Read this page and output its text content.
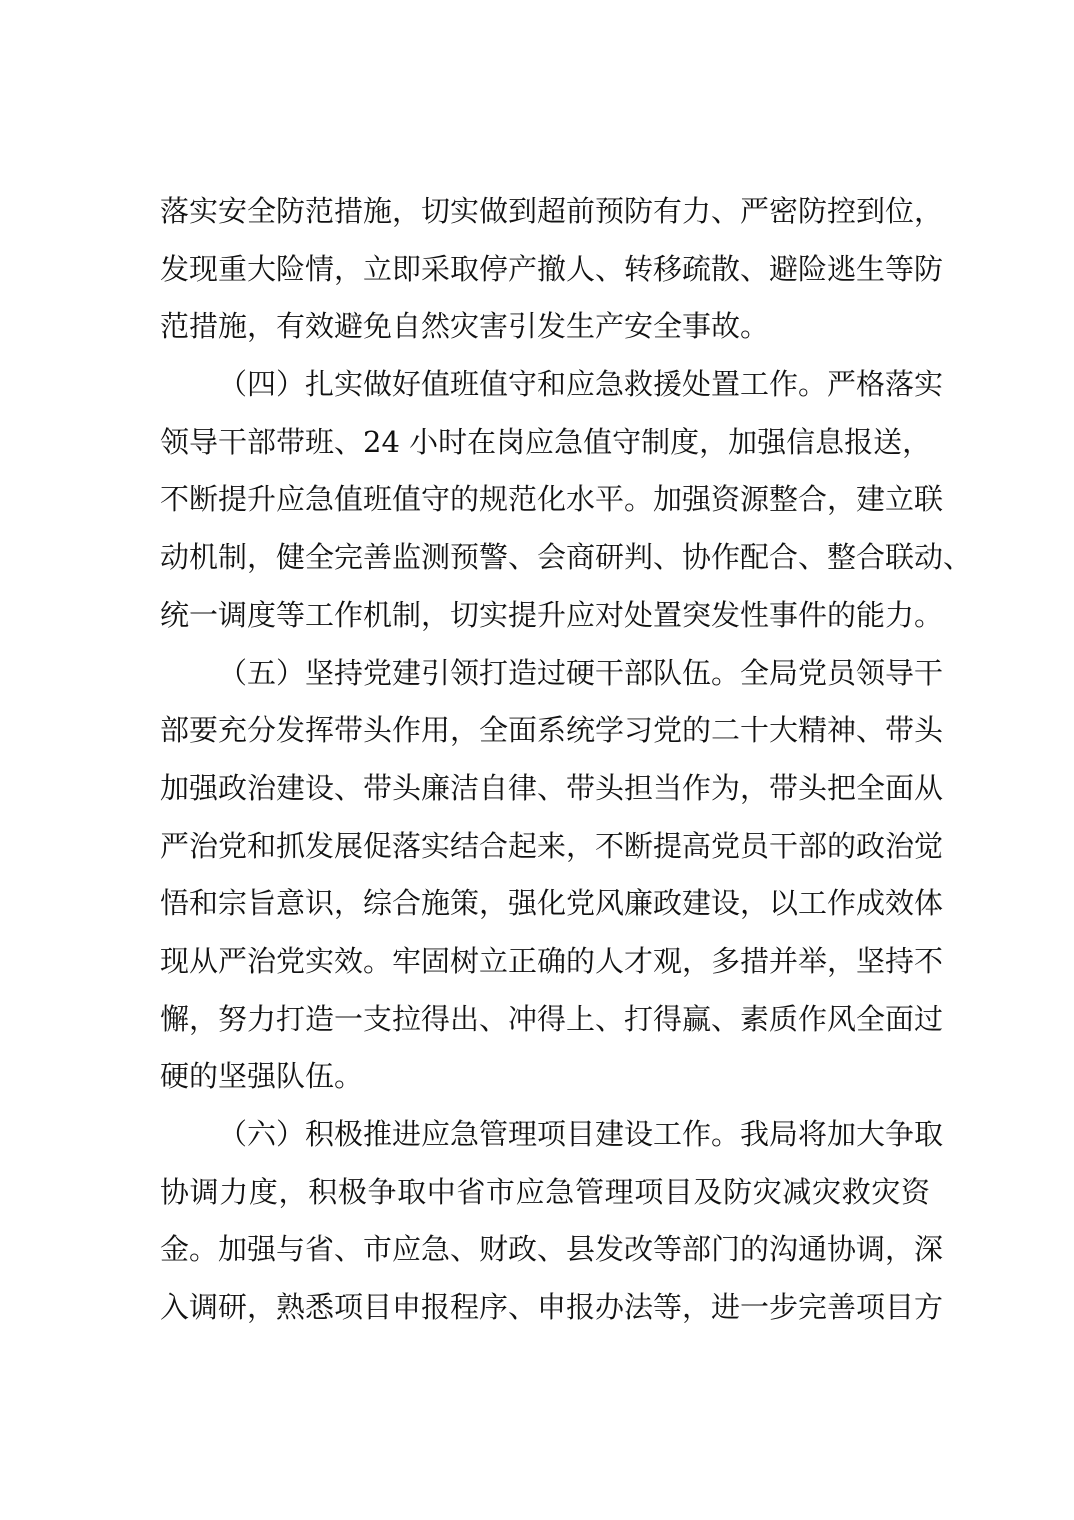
落实安全防范措施，切实做到超前预防有力、严密防控到位，
发现重大险情，立即采取停产撤人、转移疏散、避险逃生等防
范措施，有效避免自然灾害引发生产安全事故。
（四）扎实做好值班值守和应急救援处置工作。严格落实
领导干部带班、24 小时在岗应急值守制度，加强信息报送，
不断提升应急值班值守的规范化水平。加强资源整合，建立联
动机制，健全完善监测预警、会商研判、协作配合、整合联动、
统一调度等工作机制，切实提升应对处置突发性事件的能力。
（五）坚持党建引领打造过硬干部队伍。全局党员领导干
部要充分发挥带头作用，全面系统学习党的二十大精神、带头
加强政治建设、带头廉洁自律、带头担当作为，带头把全面从
严治党和抓发展促落实结合起来，不断提高党员干部的政治觉
悟和宗旨意识，综合施策，强化党风廉政建设，以工作成效体
现从严治党实效。牢固树立正确的人才观，多措并举，坚持不
懈，努力打造一支拉得出、冲得上、打得赢、素质作风全面过
硬的坚强队伍。
（六）积极推进应急管理项目建设工作。我局将加大争取
协调力度，积极争取中省市应急管理项目及防灾减灾救灾资
金。加强与省、市应急、财政、县发改等部门的沟通协调，深
入调研，熟悉项目申报程序、申报办法等，进一步完善项目方
